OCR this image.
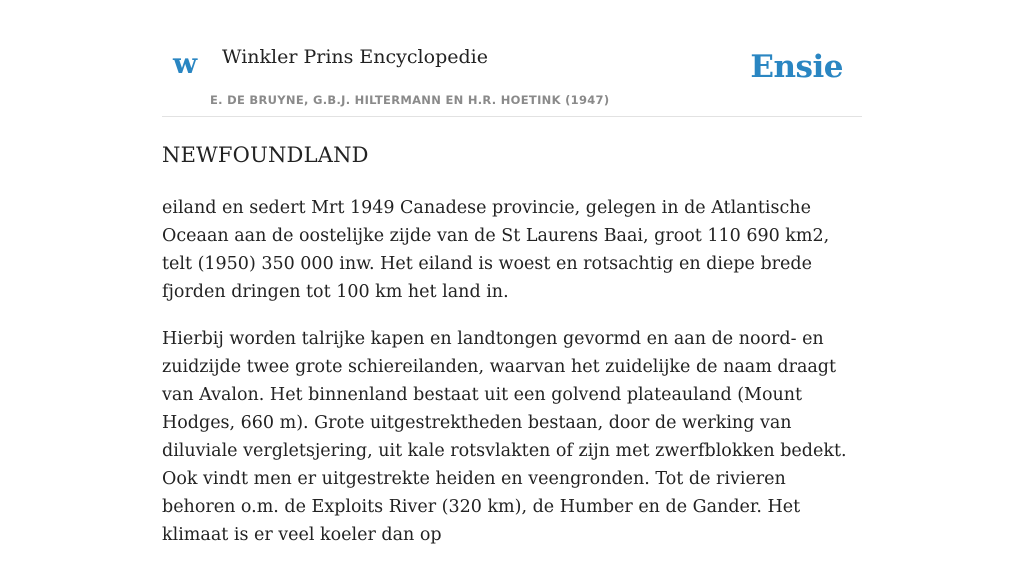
w Winkler Prins Encyclopedie
E. DE BRUYNE, G.B.J. HILTERMANN EN H.R. HOETINK (1947)
Ensie
NEWFOUNDLAND

eiland en sedert Mrt 1949 Canadese provincie, gelegen in de Atlantische Oceaan aan de oostelijke zijde van de St Laurens Baai, groot 110 690 km2, telt (1950) 350 000 inw. Het eiland is woest en rotsachtig en diepe brede fjorden dringen tot 100 km het land in.

Hierbij worden talrijke kapen en landtongen gevormd en aan de noord- en zuidzijde twee grote schiereilanden, waarvan het zuidelijke de naam draagt van Avalon. Het binnenland bestaat uit een golvend plateauland (Mount Hodges, 660 m). Grote uitgestrektheden bestaan, door de werking van diluviale vergletsjering, uit kale rotsvlakten of zijn met zwerfblokken bedekt. Ook vindt men er uitgestrekte heiden en veengronden. Tot de rivieren behoren o.m. de Exploits River (320 km), de Humber en de Gander. Het klimaat is er veel koeler dan op
